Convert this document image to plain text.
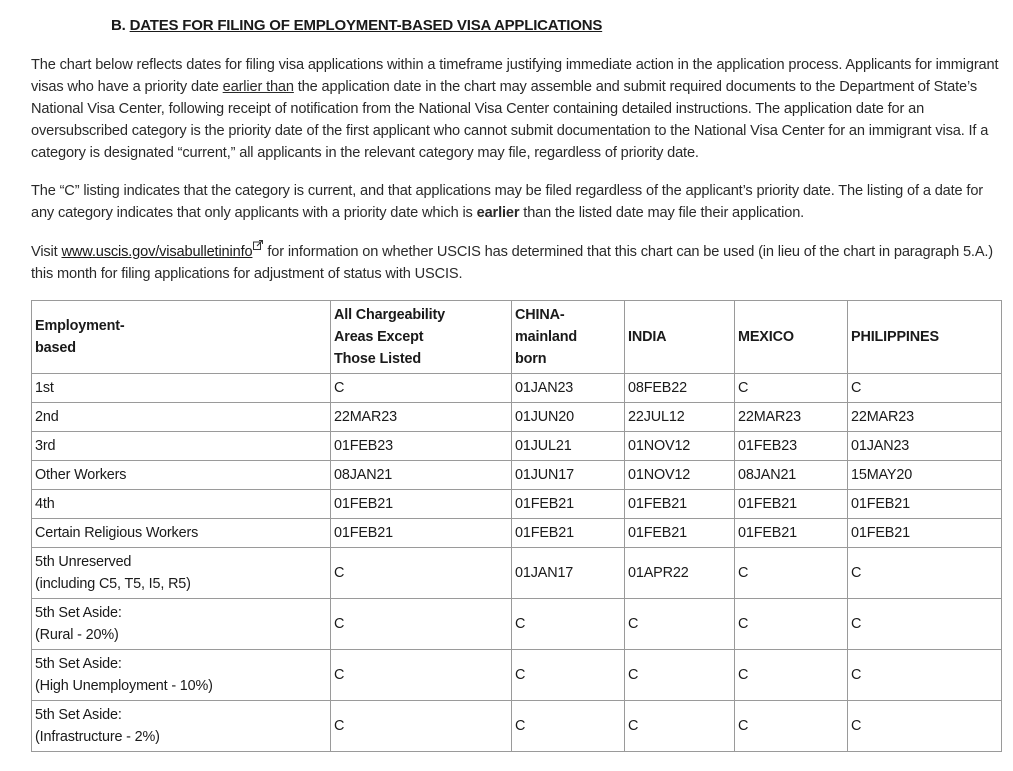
B. DATES FOR FILING OF EMPLOYMENT-BASED VISA APPLICATIONS
The chart below reflects dates for filing visa applications within a timeframe justifying immediate action in the application process. Applicants for immigrant visas who have a priority date earlier than the application date in the chart may assemble and submit required documents to the Department of State’s National Visa Center, following receipt of notification from the National Visa Center containing detailed instructions. The application date for an oversubscribed category is the priority date of the first applicant who cannot submit documentation to the National Visa Center for an immigrant visa. If a category is designated “current,” all applicants in the relevant category may file, regardless of priority date.
The “C” listing indicates that the category is current, and that applications may be filed regardless of the applicant’s priority date. The listing of a date for any category indicates that only applicants with a priority date which is earlier than the listed date may file their application.
Visit www.uscis.gov/visabulletininfo for information on whether USCIS has determined that this chart can be used (in lieu of the chart in paragraph 5.A.) this month for filing applications for adjustment of status with USCIS.
Employment-
based	All Chargeability
Areas Except
Those Listed	CHINA-
mainland
born	INDIA	MEXICO	PHILIPPINES
1st	C	01JAN23	08FEB22	C	C
2nd	22MAR23	01JUN20	22JUL12	22MAR23	22MAR23
3rd	01FEB23	01JUL21	01NOV12	01FEB23	01JAN23
Other Workers	08JAN21	01JUN17	01NOV12	08JAN21	15MAY20
4th	01FEB21	01FEB21	01FEB21	01FEB21	01FEB21
Certain Religious Workers	01FEB21	01FEB21	01FEB21	01FEB21	01FEB21
5th Unreserved
(including C5, T5, I5, R5)	C	01JAN17	01APR22	C	C
5th Set Aside:
(Rural - 20%)	C	C	C	C	C
5th Set Aside:
(High Unemployment - 10%)	C	C	C	C	C
5th Set Aside:
(Infrastructure - 2%)	C	C	C	C	C
